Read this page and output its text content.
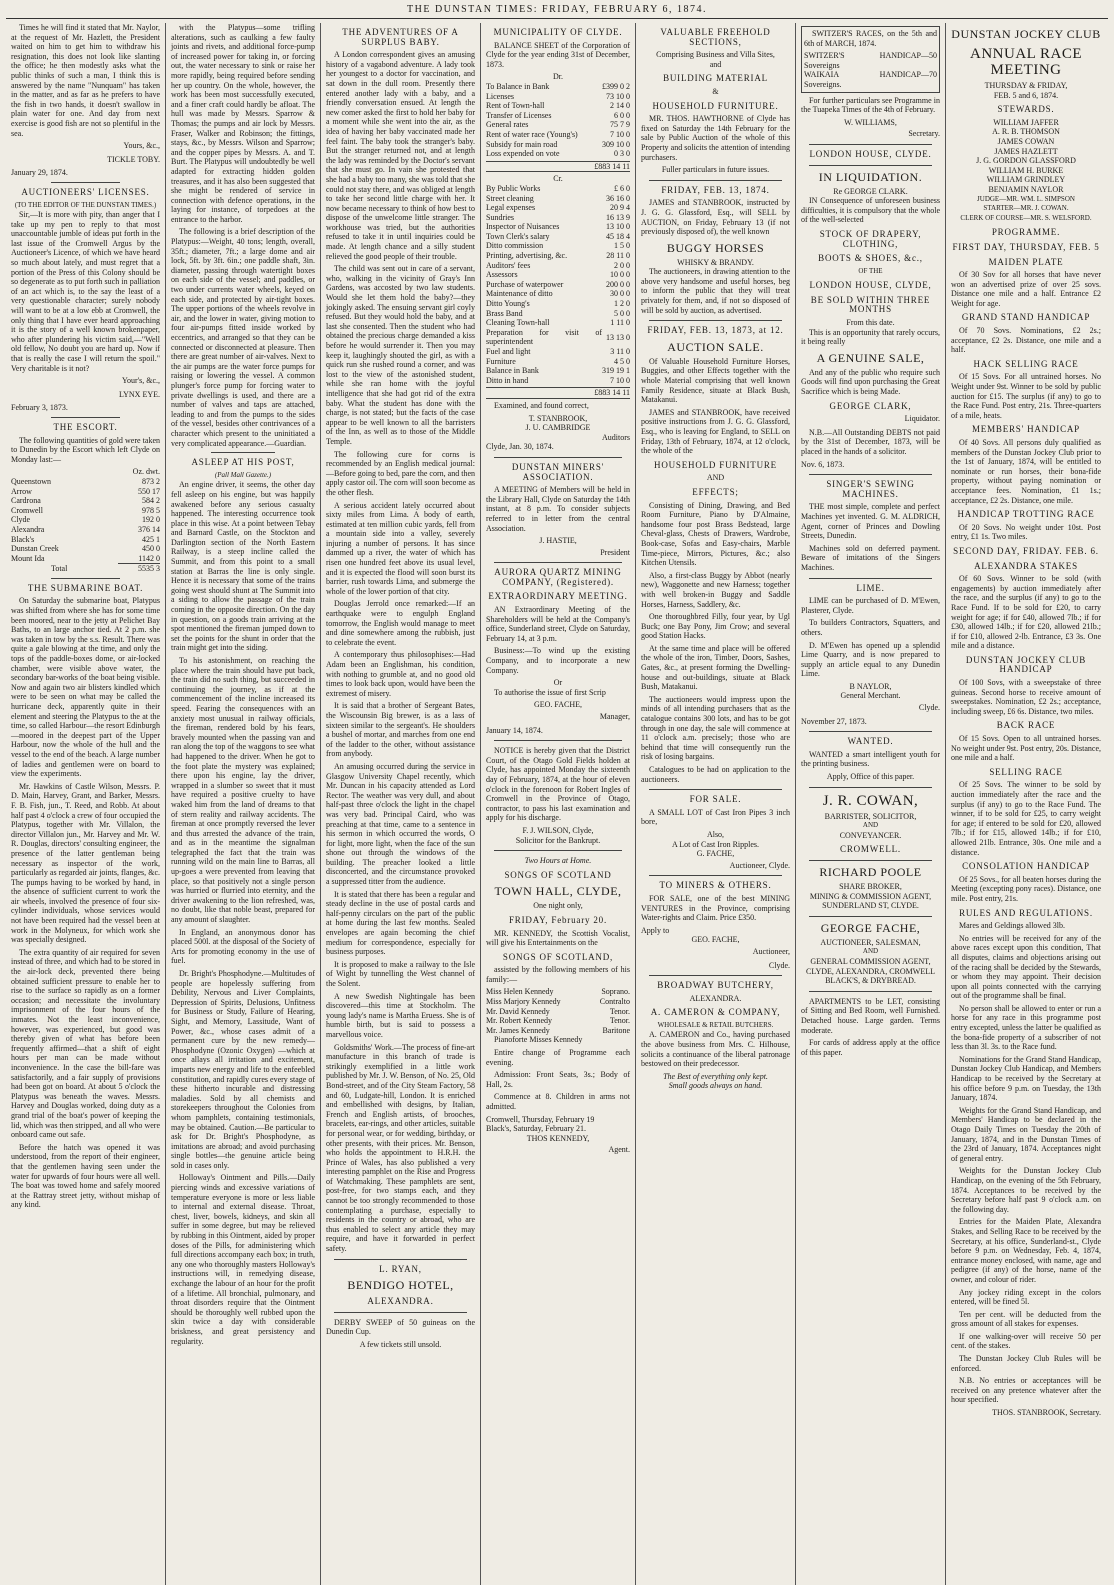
THE DUNSTAN TIMES: FRIDAY, FEBRUARY 6, 1874.

Times he will find it stated that Mr. Naylor, at the request of Mr. Hazlett, the President waited on him to get him to withdraw his resignation, this does not look like slanting the office; he then modestly asks what the public thinks of such a man, I think this is answered by the name "Nunquam" has taken in the matter, and as far as he prefers to have the fish in two hands, it doesn't swallow in plain water for one. And day from next exercise is good fish are not so plentiful in the sea.

Yours, &c.,
TICKLE TOBY.
January 29, 1874.
AUCTIONEERS' LICENSES.
(TO THE EDITOR OF THE DUNSTAN TIMES.)

Sir,—It is more with pity, than anger that I take up my pen to reply to that most unaccountable jumble of ideas put forth in the last issue of the Cromwell Argus by the Auctioneer's Licence, of which we have heard so much about lately, and must regret that a portion of the Press of this Colony should be so degenerate as to put forth such in palliation of an act which is, to the say the least of a very questionable character; surely nobody will want to be at a low ebb at Cromwell, the only thing that I have ever heard approaching it is the story of a well known brokenpaper, who after plundering his victim said,—"Well old fellow, No doubt you are hard up. Now if that is really the case I will return the spoil." Very charitable is it not?

Your's, &c.,
LYNX EYE.
February 3, 1873.
THE ESCORT.

The following quantities of gold were taken to Dunedin by the Escort which left Clyde on Monday last:—

Oz. dwt.
Queenstown	873 2
Arrow	550 17
Cardrona	584 2
Cromwell	978 5
Clyde	192 0
Alexandra	376 14
Black's	425 1
Dunstan Creek	450 0
Mount Ida	1142 0
Total	5535 3
THE SUBMARINE BOAT.

On Saturday the submarine boat, Platypus was shifted from where she has for some time been moored, near to the jetty at Pelichet Bay Baths, to an large anchor tied. At 2 p.m. she was taken in tow by the s.s. Result. There was quite a gale blowing at the time, and only the tops of the paddle-boxes dome, or air-locked chamber, were visible above water, the secondary bar-works of the boat being visible. Now and again two air blisters kindled which were to be seen on what may be called the hurricane deck, apparently quite in their element and steering the Platypus to the at the time, so called Harbour—the resort Edinburgh—moored in the deepest part of the Upper Harbour, now the whole of the hull and the vessel to the end of the beach. A large number of ladies and gentlemen were on board to view the experiments.

Mr. Hawkins of Castle Wilson, Messrs. P. D. Main, Harvey, Grant, and Barker, Messrs. F. B. Fish, jun., T. Reed, and Robb. At about half past 4 o'clock a crew of four occupied the Platypus, together with Mr. Villalon, the director Villalon jun., Mr. Harvey and Mr. W. R. Douglas, directors' consulting engineer, the presence of the latter gentleman being necessary as inspector of the work, particularly as regarded air joints, flanges, &c. The pumps having to be worked by hand, in the absence of sufficient current to work the air wheels, involved the presence of four six-cylinder individuals, whose services would not have been required had the vessel been at work in the Molyneux, for which work she was specially designed.

The extra quantity of air required for seven instead of three, and which had to be stored in the air-lock deck, prevented there being obtained sufficient pressure to enable her to rise to the surface so rapidly as on a former occasion; and necessitate the involuntary imprisonment of the four hours of the inmates. Not the least inconvenience, however, was experienced, but good was thereby given of what has before been frequently affirmed—that a shift of eight hours per man can be made without inconvenience. In the case the bill-fare was satisfactorily, and a fair supply of provisions had been got on board. At about 5 o'clock the Platypus was beneath the waves. Messrs. Harvey and Douglas worked, doing duty as a grand trial of the boat's power of keeping the lid, which was then stripped, and all who were onboard came out safe.

Before the hatch was opened it was understood, from the report of their engineer, that the gentlemen having seen under the water for upwards of four hours were all well. The boat was towed home and safely moored at the Rattray street jetty, without mishap of any kind.

with the Platypus—some trifling alterations, such as caulking a few faulty joints and rivets, and additional force-pump of increased power for taking in, or forcing out, the water necessary to sink or raise her more rapidly, being required before sending her up country. On the whole, however, the work has been most successfully executed, and a finer craft could hardly be afloat. The hull was made by Messrs. Sparrow & Thomas; the pumps and air lock by Messrs. Fraser, Walker and Robinson; the fittings, stays, &c., by Messrs. Wilson and Sparrow; and the copper pipes by Messrs. A. and T. Burt. The Platypus will undoubtedly be well adapted for extracting hidden golden treasures, and it has also been suggested that she might be rendered of service in connection with defence operations, in the laying for instance, of torpedoes at the entrance to the harbor.

The following is a brief description of the Platypus:—Weight, 40 tons; length, overall, 35ft.; diameter, 7ft.; a large dome and air lock, 5ft. by 3ft. 6in.; one paddle shaft, 3in. diameter, passing through watertight boxes on each side of the vessel; and paddles, or two under currents water wheels, keyed on each side, and protected by air-tight boxes. The upper portions of the wheels revolve in air, and the lower in water, giving motion to four air-pumps fitted inside worked by eccentrics, and arranged so that they can be connected or disconnected at pleasure. Then there are great number of air-valves. Next to the air pumps are the water force pumps for raising or lowering the vessel. A common plunger's force pump for forcing water to private dwellings is used, and there are a number of valves and taps are attached, leading to and from the pumps to the sides of the vessel, besides other contrivances of a character which present to the uninitiated a very complicated appearance.—Guardian.

ASLEEP AT HIS POST,
(Pall Mall Gazette.)

An engine driver, it seems, the other day fell asleep on his engine, but was happily awakened before any serious casualty happened. The interesting occurrence took place in this wise. At a point between Tebay and Barnard Castle, on the Stockton and Darlington section of the North Eastern Railway, is a steep incline called the Summit, and from this point to a small station at Barras the line is only single. Hence it is necessary that some of the trains going west should shunt at The Summit into a siding to allow the passage of the train coming in the opposite direction. On the day in question, on a goods train arriving at the spot mentioned the fireman jumped down to set the points for the shunt in order that the train might get into the siding.

To his astonishment, on reaching the place where the train should have put back, the train did no such thing, but succeeded in continuing the journey, as if at the commencement of the incline increased its speed. Fearing the consequences with an anxiety most unusual in railway officials, the fireman, rendered bold by his fears, bravely mounted when the passing van and ran along the top of the waggons to see what had happened to the driver. When he got to the foot plate the mystery was explained; there upon his engine, lay the driver, wrapped in a slumber so sweet that it must have required a positive cruelty to have waked him from the land of dreams to that of stern reality and railway accidents. The fireman at once promptly reversed the lever and thus arrested the advance of the train, and as in the meantime the signalman telegraphed the fact that the train was running wild on the main line to Barras, all up-goes a were prevented from leaving that place, so that positively not a single person was hurried or flurried into eternity, and the driver awakening to the lion refreshed, was, no doubt, like that noble beast, prepared for any amount of slaughter.

In England, an anonymous donor has placed 500l. at the disposal of the Society of Arts for promoting economy in the use of fuel.

Dr. Bright's Phosphodyne.—Multitudes of people are hopelessly suffering from Debility, Nervous and Liver Complaints, Depression of Spirits, Delusions, Unfitness for Business or Study, Failure of Hearing, Sight, and Memory, Lassitude, Want of Power, &c., whose cases admit of a permanent cure by the new remedy—Phosphodyne (Ozonic Oxygen) —which at once allays all irritation and excitement, imparts new energy and life to the enfeebled constitution, and rapidly cures every stage of these hitherto incurable and distressing maladies. Sold by all chemists and storekeepers throughout the Colonies from whom pamphlets, containing testimonials, may be obtained. Caution.—Be particular to ask for Dr. Bright's Phosphodyne, as imitations are abroad; and avoid purchasing single bottles—the genuine article being sold in cases only.

Holloway's Ointment and Pills.—Daily piercing winds and excessive variations of temperature everyone is more or less liable to internal and external disease. Throat, chest, liver, bowels, kidneys, and skin all suffer in some degree, but may be relieved by rubbing in this Ointment, aided by proper doses of the Pills, for administering which full directions accompany each box; in truth, any one who thoroughly masters Holloway's instructions will, in remedying disease, exchange the labour of an hour for the profit of a lifetime. All bronchial, pulmonary, and throat disorders require that the Ointment should be thoroughly well rubbed upon the skin twice a day with considerable briskness, and great persistency and regularity.

THE ADVENTURES OF A SURPLUS BABY.

A London correspondent gives an amusing history of a vagabond adventure. A lady took her youngest to a doctor for vaccination, and sat down in the dull room. Presently there entered another lady with a baby, and a friendly conversation ensued. At length the new comer asked the first to hold her baby for a moment while she went into the air, as the idea of having her baby vaccinated made her feel faint. The baby took the stranger's baby. But the stranger returned not, and at length the lady was reminded by the Doctor's servant that she must go. In vain she protested that she had a baby too many, she was told that she could not stay there, and was obliged at length to take her second little charge with her. It now became necessary to think of how best to dispose of the unwelcome little stranger. The workhouse was tried, but the authorities refused to take it in until inquiries could be made. At length chance and a silly student relieved the good people of their trouble.

The child was sent out in care of a servant, who, walking in the vicinity of Gray's Inn Gardens, was accosted by two law students. Would she let them hold the baby?—they jokingly asked. The ensuing servant girl coyly refused. But they would hold the baby, and at last she consented. Then the student who had obtained the precious charge demanded a kiss before he would surrender it. Then you may keep it, laughingly shouted the girl, as with a quick run she rushed round a corner, and was lost to the view of the astonished student, while she ran home with the joyful intelligence that she had got rid of the extra baby. What the student has done with the charge, is not stated; but the facts of the case appear to be well known to all the barristers of the Inn, as well as to those of the Middle Temple.

The following cure for corns is recommended by an English medical journal:—Before going to bed, pare the corn, and then apply castor oil. The corn will soon become as the other flesh.

A serious accident lately occurred about sixty miles from Lima. A body of earth, estimated at ten million cubic yards, fell from a mountain side into a valley, severely injuring a number of persons. It has since dammed up a river, the water of which has risen one hundred feet above its usual level, and it is expected the flood will soon burst its barrier, rush towards Lima, and submerge the whole of the lower portion of that city.

Douglas Jerrold once remarked:—If an earthquake were to engulph England tomorrow, the English would manage to meet and dine somewhere among the rubbish, just to celebrate the event.

A contemporary thus philosophises:—Had Adam been an Englishman, his condition, with nothing to grumble at, and no good old times to look back upon, would have been the extremest of misery.

It is said that a brother of Sergeant Bates, the Wiscounsin Big brewer, is as a lass of sixteen similar to the sergeant's. He shoulders a bushel of mortar, and marches from one end of the ladder to the other, without assistance from anybody.

An amusing occurred during the service in Glasgow University Chapel recently, which Mr. Duncan in his capacity attended as Lord Rector. The weather was very dull, and about half-past three o'clock the light in the chapel was very bad. Principal Caird, who was preaching at that time, came to a sentence in his sermon in which occurred the words, O for light, more light, when the face of the sun shone out through the windows of the building. The preacher looked a little disconcerted, and the circumstance provoked a suppressed titter from the audience.

It is stated that there has been a regular and steady decline in the use of postal cards and half-penny circulars on the part of the public at home during the last few months. Sealed envelopes are again becoming the chief medium for correspondence, especially for business purposes.

It is proposed to make a railway to the Isle of Wight by tunnelling the West channel of the Solent.

A new Swedish Nightingale has been discovered—this time at Stockholm. The young lady's name is Martha Eruess. She is of humble birth, but is said to possess a marvellous voice.

Goldsmiths' Work.—The process of fine-art manufacture in this branch of trade is strikingly exemplified in a little work published by Mr. J. W. Benson, of No. 25, Old Bond-street, and of the City Steam Factory, 58 and 60, Ludgate-hill, London. It is enriched and embellished with designs, by Italian, French and English artists, of brooches, bracelets, ear-rings, and other articles, suitable for personal wear, or for wedding, birthday, or other presents, with their prices. Mr. Benson, who holds the appointment to H.R.H. the Prince of Wales, has also published a very interesting pamphlet on the Rise and Progress of Watchmaking. These pamphlets are sent, post-free, for two stamps each, and they cannot be too strongly recommended to those contemplating a purchase, especially to residents in the country or abroad, who are thus enabled to select any article they may require, and have it forwarded in perfect safety.

L. RYAN,
BENDIGO HOTEL,
ALEXANDRA.

DERBY SWEEP of 50 guineas on the Dunedin Cup.

A few tickets still unsold.
MUNICIPALITY OF CLYDE.

BALANCE SHEET of the Corporation of Clyde for the year ending 31st of December, 1873.

Dr.
To Balance in Bank	£399 0 2
Licenses	73 10 0
Rent of Town-hall	2 14 0
Transfer of Licenses	6 0 0
General rates	75 7 9
Rent of water race (Young's)	7 10 0
Subsidy for main road	309 10 0
Loss expended on vote	0 3 0
£883 14 11
Cr.
By Public Works	£ 6 0
Street cleaning	36 16 0
Legal expenses	20 9 4
Sundries	16 13 9
Inspector of Nuisances	13 10 0
Town Clerk's salary	45 18 4
Ditto commission	1 5 0
Printing, advertising, &c.	28 11 0
Auditors' fees	2 0 0
Assessors	10 0 0
Purchase of waterpower	200 0 0
Maintenance of ditto	30 0 0
Ditto Young's	1 2 0
Brass Band	5 0 0
Cleaning Town-hall	1 11 0
Preparation for visit of superintendent	13 13 0
Fuel and light	3 11 0
Furniture	4 5 0
Balance in Bank	319 19 1
Ditto in hand	7 10 0
£883 14 11

Examined, and found correct,

T. STANBROOK,
J. U. CAMBRIDGE
Auditors
Clyde, Jan. 30, 1874.
DUNSTAN MINERS' ASSOCIATION.

A MEETING of Members will be held in the Library Hall, Clyde on Saturday the 14th instant, at 8 p.m. To consider subjects referred to in letter from the central Association.

J. HASTIE,
President
AURORA QUARTZ MINING COMPANY, (Registered).
EXTRAORDINARY MEETING.

AN Extraordinary Meeting of the Shareholders will be held at the Company's office, Sunderland street, Clyde on Saturday, February 14, at 3 p.m.

Business:—To wind up the existing Company, and to incorporate a new Company.

Or

To authorise the issue of first Scrip

GEO. FACHE,
Manager,
January 14, 1874.

NOTICE is hereby given that the District Court, of the Otago Gold Fields holden at Clyde, has appointed Monday the sixteenth day of February, 1874, at the hour of eleven o'clock in the forenoon for Robert Ingles of Cromwell in the Province of Otago, contractor, to pass his last examination and apply for his discharge.

F. J. WILSON, Clyde,
Solicitor for the Bankrupt.
Two Hours at Home.
SONGS OF SCOTLAND
TOWN HALL, CLYDE,
One night only,
FRIDAY, February 20.

MR. KENNEDY, the Scottish Vocalist, will give his Entertainments on the

SONGS OF SCOTLAND,

assisted by the following members of his family:—

Miss Helen Kennedy	Soprano.
Miss Marjory Kennedy	Contralto
Mr. David Kennedy	Tenor.
Mr. Robert Kennedy	Tenor.
Mr. James Kennedy	Baritone

Pianoforte Misses Kennedy

Entire change of Programme each evening.

Admission: Front Seats, 3s.; Body of Hall, 2s.

Commence at 8. Children in arms not admitted.

Cromwell, Thursday, February 19
Black's, Saturday, February 21.
THOS KENNEDY,
Agent.
VALUABLE FREEHOLD SECTIONS,
Comprising Business and Villa Sites,
and
BUILDING MATERIAL
&
HOUSEHOLD FURNITURE.

MR. THOS. HAWTHORNE of Clyde has fixed on Saturday the 14th February for the sale by Public Auction of the whole of this Property and solicits the attention of intending purchasers.

Fuller particulars in future issues.
FRIDAY, FEB. 13, 1874.

JAMES and STANBROOK, instructed by J. G. G. Glassford, Esq., will SELL by AUCTION, on Friday, February 13 (if not previously disposed of), the well known

BUGGY HORSES
WHISKY & BRANDY.

The auctioneers, in drawing attention to the above very handsome and useful horses, beg to inform the public that they will treat privately for them, and, if not so disposed of will be sold by auction, as advertised.

FRIDAY, FEB. 13, 1873, at 12.
AUCTION SALE.

Of Valuable Household Furniture Horses, Buggies, and other Effects together with the whole Material comprising that well known Family Residence, situate at Black Bush, Matakanui.

JAMES and STANBROOK, have received positive instructions from J. G. G. Glassford, Esq., who is leaving for England, to SELL on Friday, 13th of February, 1874, at 12 o'clock, the whole of the

HOUSEHOLD FURNITURE
AND
EFFECTS;

Consisting of Dining, Drawing, and Bed Room Furniture, Piano by D'Almaine, handsome four post Brass Bedstead, large Cheval-glass, Chests of Drawers, Wardrobe, Book-case, Sofas and Easy-chairs, Marble Time-piece, Mirrors, Pictures, &c.; also Kitchen Utensils.

Also, a first-class Buggy by Abbot (nearly new), Waggonette and new Harness; together with well broken-in Buggy and Saddle Horses, Harness, Saddlery, &c.

One thoroughbred Filly, four year, by Ugl Buck; one Bay Pony, Jim Crow; and several good Station Hacks.

At the same time and place will be offered the whole of the iron, Timber, Doors, Sashes, Gates, &c., at present forming the Dwelling-house and out-buildings, situate at Black Bush, Matakanui.

The auctioneers would impress upon the minds of all intending purchasers that as the catalogue contains 300 lots, and has to be got through in one day, the sale will commence at 11 o'clock a.m. precisely; those who are behind that time will consequently run the risk of losing bargains.

Catalogues to be had on application to the auctioneers.

FOR SALE.

A SMALL LOT of Cast Iron Pipes 3 inch bore,

Also,
A Lot of Cast Iron Ripples.
G. FACHE,
Auctioneer, Clyde.
TO MINERS & OTHERS.

FOR SALE, one of the best MINING VENTURES in the Province, comprising Water-rights and Claim. Price £350.

Apply to
GEO. FACHE,
Auctioneer,
Clyde.
BROADWAY BUTCHERY,
ALEXANDRA.
A. CAMERON & COMPANY,
WHOLESALE & RETAIL BUTCHERS.

A. CAMERON and Co., having purchased the above business from Mrs. C. Hilhouse, solicits a continuance of the liberal patronage bestowed on their predecessor.

The Best of everything only kept.
Small goods always on hand.

SWITZER'S RACES, on the 5th and 6th of MARCH, 1874.

SWITZER'S HANDICAP—50 Sovereigns
WAIKAIA HANDICAP—70 Sovereigns.

For further particulars see Programme in the Tuapeka Times of the 4th of February.

W. WILLIAMS,
Secretary.
LONDON HOUSE, CLYDE.
IN LIQUIDATION.
Re GEORGE CLARK.

IN Consequence of unforeseen business difficulties, it is compulsory that the whole of the well-selected

STOCK OF DRAPERY, CLOTHING,
BOOTS & SHOES, &c.,
OF THE
LONDON HOUSE, CLYDE,
BE SOLD WITHIN THREE MONTHS
From this date.

This is an opportunity that rarely occurs, it being really

A GENUINE SALE,

And any of the public who require such Goods will find upon purchasing the Great Sacrifice which is being Made.

GEORGE CLARK,
Liquidator.

N.B.—All Outstanding DEBTS not paid by the 31st of December, 1873, will be placed in the hands of a solicitor.

Nov. 6, 1873.
SINGER'S SEWING MACHINES.

THE most simple, complete and perfect Machines yet invented. G. M. ALDRICH, Agent, corner of Princes and Dowling Streets, Dunedin.

Machines sold on deferred payment. Beware of imitations of the Singers Machines.

LIME.

LIME can be purchased of D. M'Ewen, Plasterer, Clyde.

To builders Contractors, Squatters, and others.

D. M'Ewen has opened up a splendid Lime Quarry, and is now prepared to supply an article equal to any Dunedin Lime.

B NAYLOR,
General Merchant.
Clyde.
November 27, 1873.
WANTED.

WANTED a smart intelligent youth for the printing business.

Apply, Office of this paper.
J. R. COWAN,
BARRISTER, SOLICITOR,
AND
CONVEYANCER.
CROMWELL.
RICHARD POOLE
SHARE BROKER,
MINING & COMMISSION AGENT,
SUNDERLAND ST, CLYDE.
GEORGE FACHE,
AUCTIONEER, SALESMAN,
AND
GENERAL COMMISSION AGENT,
CLYDE, ALEXANDRA, CROMWELL
BLACK'S, & DRYBREAD.

APARTMENTS to be LET, consisting of Sitting and Bed Room, well Furnished. Detached house. Large garden. Terms moderate.

For cards of address apply at the office of this paper.

DUNSTAN JOCKEY CLUB
ANNUAL RACE MEETING
THURSDAY & FRIDAY,
FEB. 5 and 6, 1874.
STEWARDS.
WILLIAM JAFFER
A. R. B. THOMSON
JAMES COWAN
JAMES HAZLETT
J. G. GORDON GLASSFORD
WILLIAM H. BURKE
WILLIAM GRINDLEY
BENJAMIN NAYLOR
JUDGE—MR. WM. L. SIMPSON
STARTER—MR. J. COWAN.
CLERK OF COURSE—MR. S. WELSFORD.
PROGRAMME.
FIRST DAY, THURSDAY, FEB. 5
MAIDEN PLATE

Of 30 Sov for all horses that have never won an advertised prize of over 25 sovs. Distance one mile and a half. Entrance £2 Weight for age.

GRAND STAND HANDICAP

Of 70 Sovs. Nominations, £2 2s.; acceptance, £2 2s. Distance, one mile and a half.

HACK SELLING RACE

Of 15 Sovs. For all untrained horses. No Weight under 9st. Winner to be sold by public auction for £15. The surplus (if any) to go to the Race Fund. Post entry, 21s. Three-quarters of a mile, heats.

MEMBERS' HANDICAP

Of 40 Sovs. All persons duly qualified as members of the Dunstan Jockey Club prior to the 1st of January, 1874, will be entitled to nominate or run horses, their bona-fide property, without paying nomination or acceptance fees. Nomination, £1 1s.; acceptance, £2 2s. Distance, one mile.

HANDICAP TROTTING RACE

Of 20 Sovs. No weight under 10st. Post entry, £1 1s. Two miles.

SECOND DAY, FRIDAY. FEB. 6.
ALEXANDRA STAKES

Of 60 Sovs. Winner to be sold (with engagements) by auction immediately after the race, and the surplus (if any) to go to the Race Fund. If to be sold for £20, to carry weight for age; if for £40, allowed 7lb.; if for £30, allowed 14lb.; if for £20, allowed 21lb.; if for £10, allowed 2-lb. Entrance, £3 3s. One mile and a distance.

DUNSTAN JOCKEY CLUB HANDICAP

Of 100 Sovs, with a sweepstake of three guineas. Second horse to receive amount of sweepstakes. Nomination, £2 2s.; acceptance, including sweep, £6 6s. Distance, two miles.

BACK RACE

Of 15 Sovs. Open to all untrained horses. No weight under 9st. Post entry, 20s. Distance, one mile and a half.

SELLING RACE

Of 25 Sovs. The winner to be sold by auction immediately after the race and the surplus (if any) to go to the Race Fund. The winner, if to be sold for £25, to carry weight for age; if entered to be sold for £20, allowed 7lb.; if for £15, allowed 14lb.; if for £10, allowed 21lb. Entrance, 30s. One mile and a distance.

CONSOLATION HANDICAP

Of 25 Sovs., for all beaten horses during the Meeting (excepting pony races). Distance, one mile. Post entry, 21s.

RULES AND REGULATIONS.

Mares and Geldings allowed 3lb.

No entries will be received for any of the above races except upon this condition, That all disputes, claims and objections arising out of the racing shall be decided by the Stewards, or whom they may appoint. Their decision upon all points connected with the carrying out of the programme shall be final.

No person shall be allowed to enter or run a horse for any race in this programme post entry excepted, unless the latter be qualified as the bona-fide property of a subscriber of not less than 3l. 3s. to the Race fund.

Nominations for the Grand Stand Handicap, Dunstan Jockey Club Handicap, and Members Handicap to be received by the Secretary at his office before 9 p.m. on Tuesday, the 13th January, 1874.

Weights for the Grand Stand Handicap, and Members' Handicap to be declared in the Otago Daily Times on Tuesday the 20th of January, 1874, and in the Dunstan Times of the 23rd of January, 1874. Acceptances night of general entry.

Weights for the Dunstan Jockey Club Handicap, on the evening of the 5th February, 1874. Acceptances to be received by the Secretary before half past 9 o'clock a.m. on the following day.

Entries for the Maiden Plate, Alexandra Stakes, and Selling Race to be received by the Secretary, at his office, Sunderland-st., Clyde before 9 p.m. on Wednesday, Feb. 4, 1874, entrance money enclosed, with name, age and pedigree (if any) of the horse, name of the owner, and colour of rider.

Any jockey riding except in the colors entered, will be fined 5l.

Ten per cent. will be deducted from the gross amount of all stakes for expenses.

If one walking-over will receive 50 per cent. of the stakes.

The Dunstan Jockey Club Rules will be enforced.

N.B. No entries or acceptances will be received on any pretence whatever after the hour specified.

THOS. STANBROOK, Secretary.
